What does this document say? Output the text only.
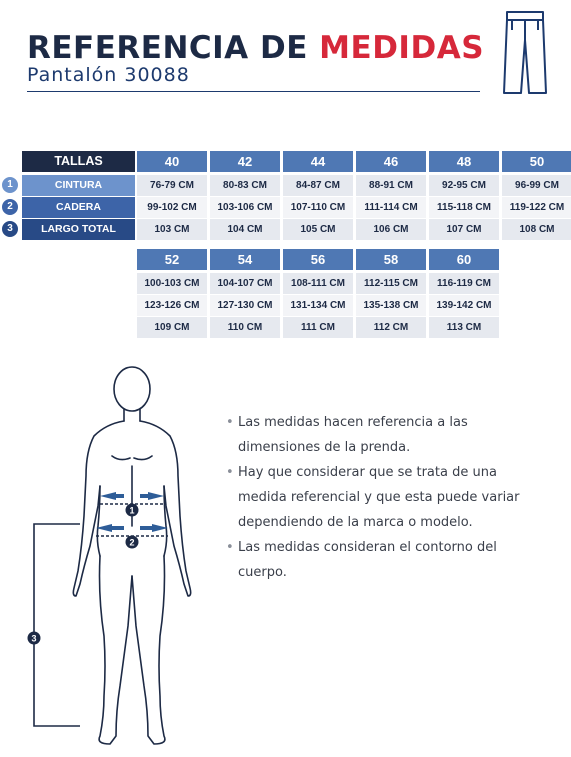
REFERENCIA DE MEDIDAS
Pantalón 30088
TALLAS
CINTURA
1
CADERA
2
LARGO TOTAL
3
40
76-79 CM
99-102 CM
103 CM
42
80-83 CM
103-106 CM
104 CM
44
84-87 CM
107-110 CM
105 CM
46
88-91 CM
111-114 CM
106 CM
48
92-95 CM
115-118 CM
107 CM
50
96-99 CM
119-122 CM
108 CM
52
100-103 CM
123-126 CM
109 CM
54
104-107 CM
127-130 CM
110 CM
56
108-111 CM
131-134 CM
111 CM
58
112-115 CM
135-138 CM
112 CM
60
116-119 CM
139-142 CM
113 CM

• Las medidas hacen referencia a las dimensiones de la prenda.

• Hay que considerar que se trata de una medida referencial y que esta puede variar dependiendo de la marca o modelo.

• Las medidas consideran el contorno del cuerpo.

1
2
3
